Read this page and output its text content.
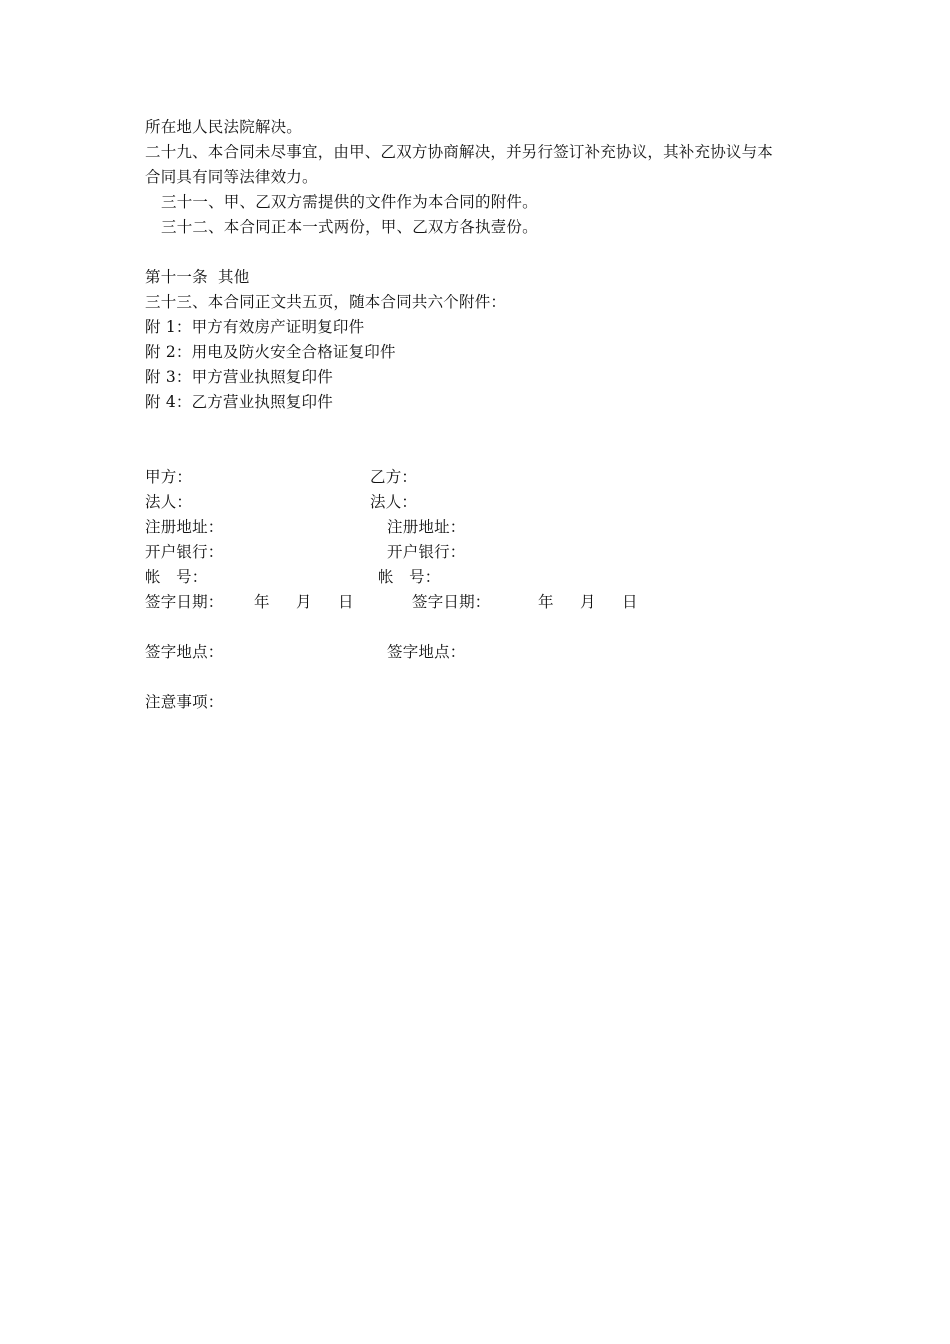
所在地人民法院解决。
二十九、本合同未尽事宜，由甲、乙双方协商解决，并另行签订补充协议，其补充协议与本
合同具有同等法律效力。
三十一、甲、乙双方需提供的文件作为本合同的附件。
三十二、本合同正本一式两份，甲、乙双方各执壹份。
第十一条  其他
三十三、本合同正文共五页，随本合同共六个附件：
附 1：甲方有效房产证明复印件
附 2：用电及防火安全合格证复印件
附 3：甲方营业执照复印件
附 4：乙方营业执照复印件
甲方：	乙方：
法人：	法人：
注册地址：	注册地址：
开户银行：	开户银行：
帐   号：	帐   号：
签字日期： 年 月 日	签字日期：	年 月 日
签字地点：	签字地点：
注意事项：
